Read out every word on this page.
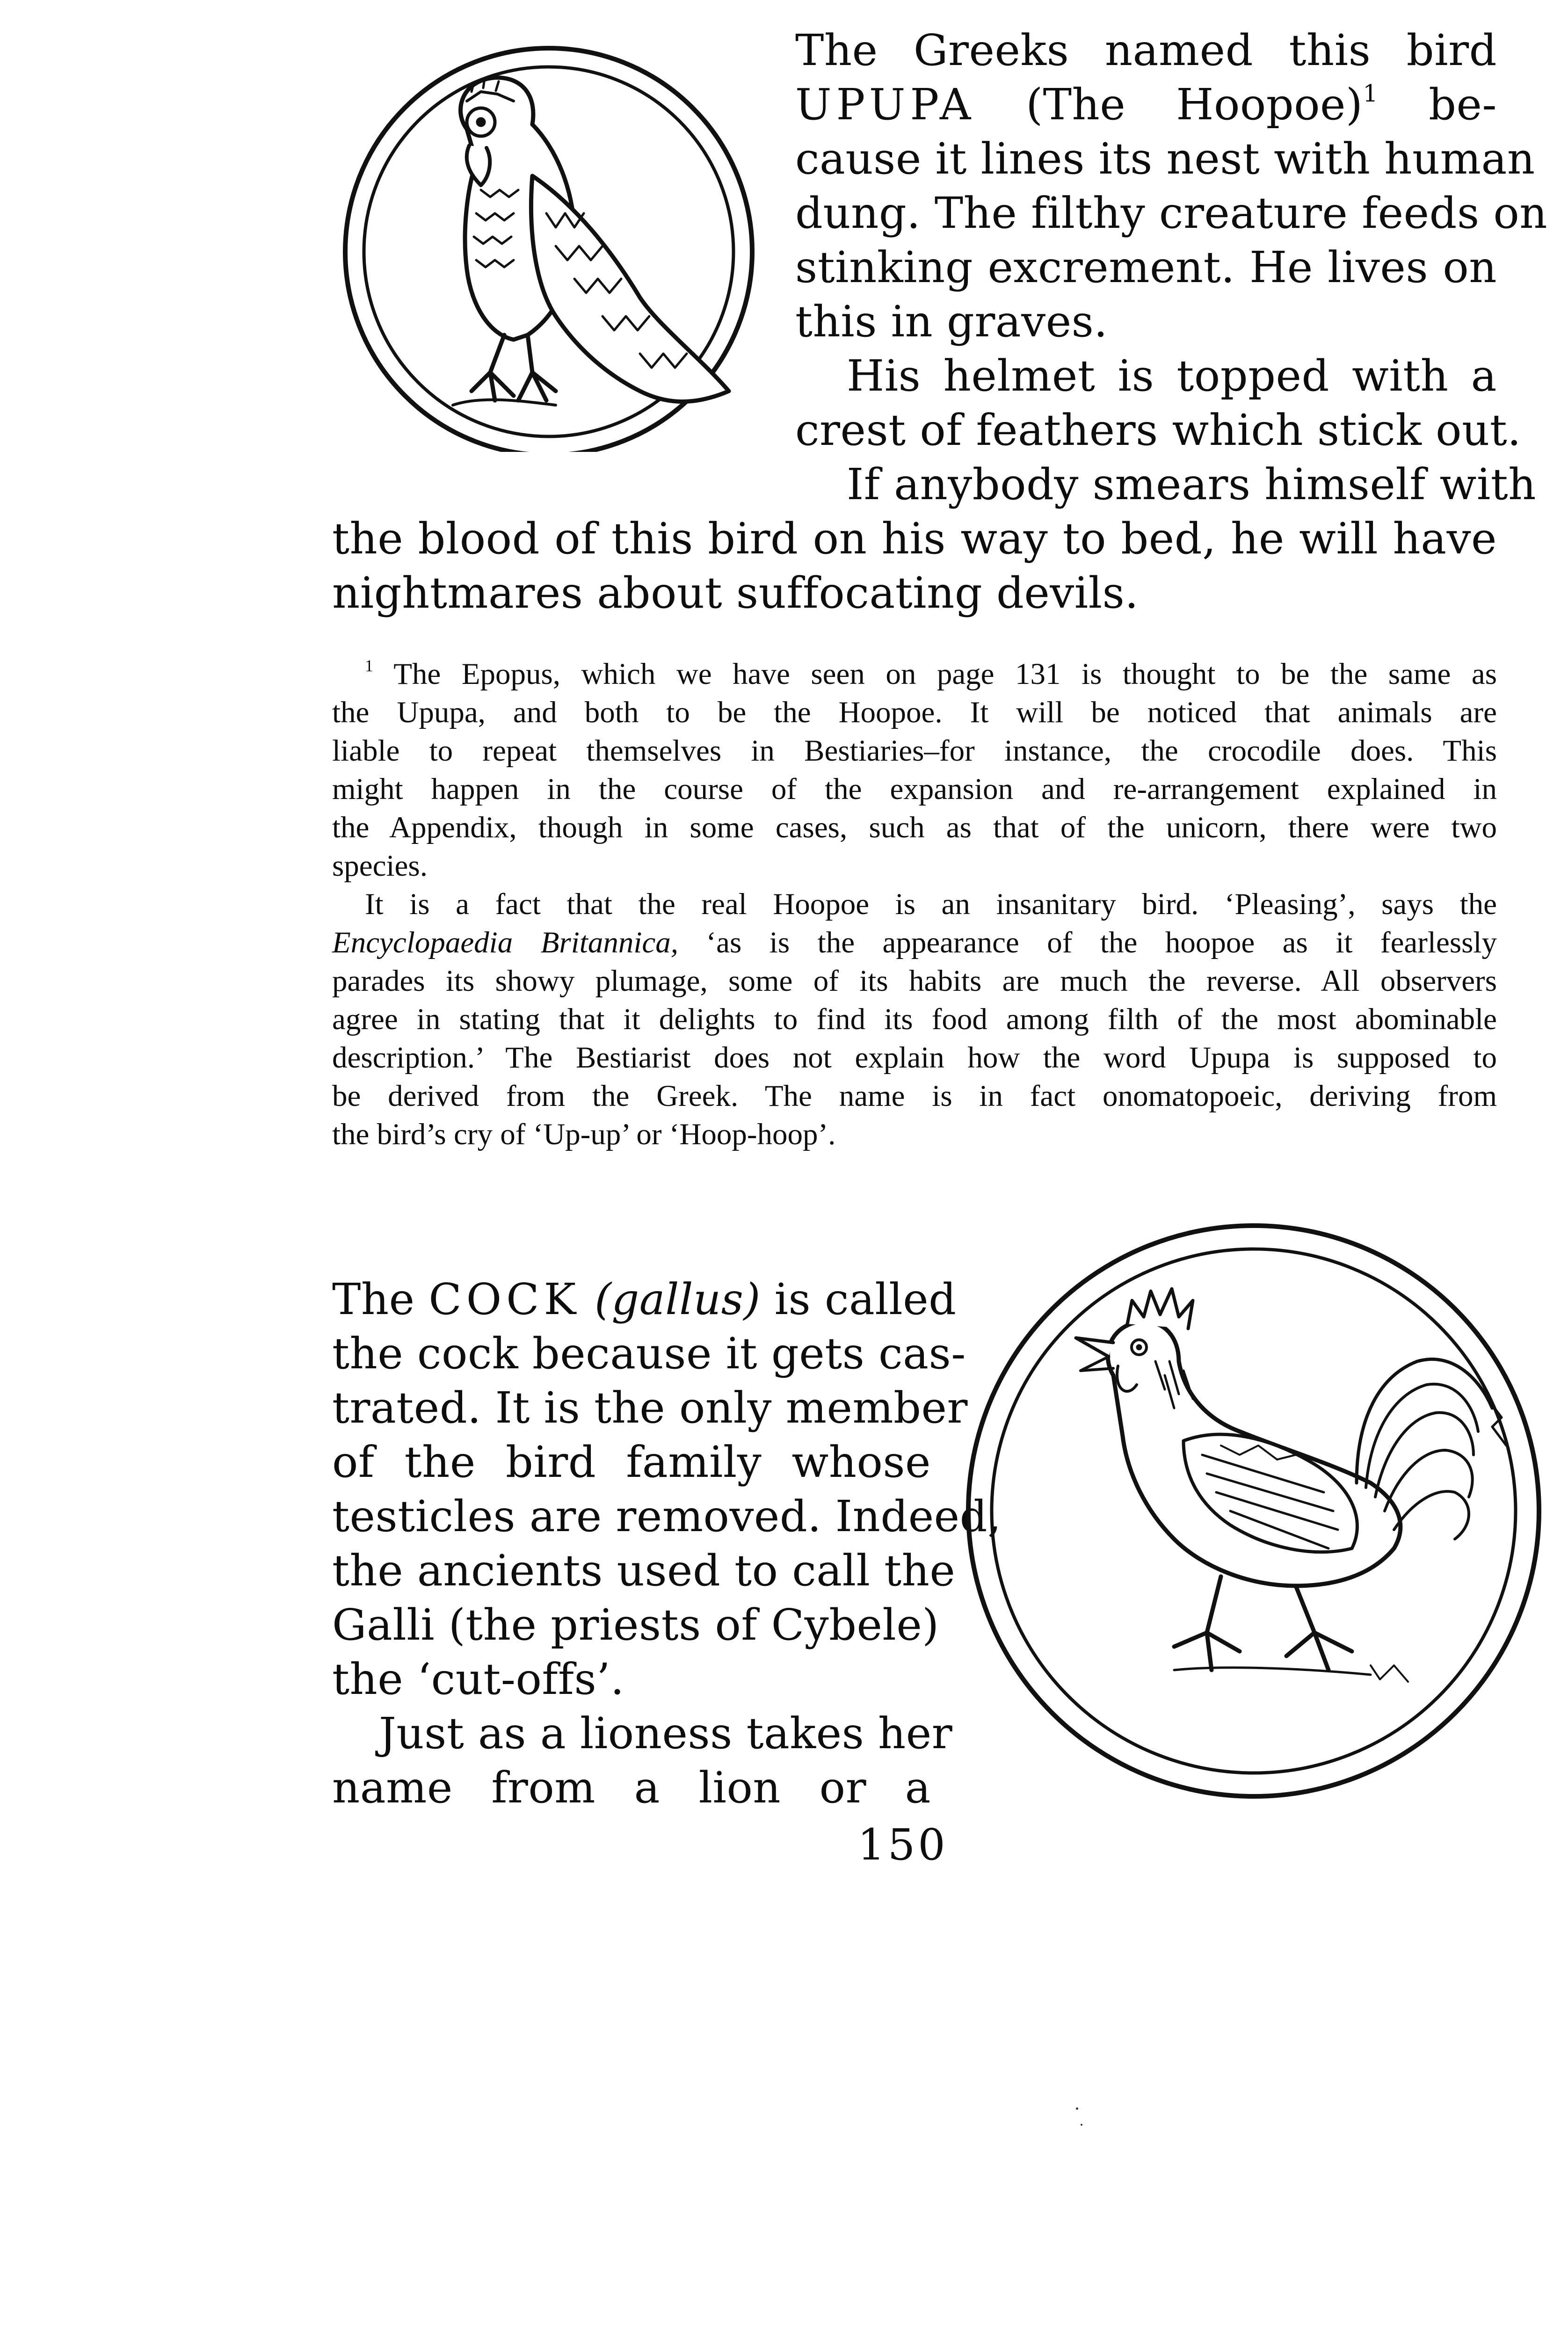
The Greeks named this bird
UPUPA (The Hoopoe)$^1$ be-
cause it lines its nest with human
dung. The filthy creature feeds on
stinking excrement. He lives on
this in graves.
His helmet is topped with a
crest of feathers which stick out.
If anybody smears himself with
the blood of this bird on his way to bed, he will have
nightmares about suffocating devils.
$^1$ The Epopus, which we have seen on page 131 is thought to be the same as
the Upupa, and both to be the Hoopoe. It will be noticed that animals are
liable to repeat themselves in Bestiaries–for instance, the crocodile does. This
might happen in the course of the expansion and re-arrangement explained in
the Appendix, though in some cases, such as that of the unicorn, there were two
species.
It is a fact that the real Hoopoe is an insanitary bird. ‘Pleasing’, says the
Encyclopaedia Britannica, ‘as is the appearance of the hoopoe as it fearlessly
parades its showy plumage, some of its habits are much the reverse. All observers
agree in stating that it delights to find its food among filth of the most abominable
description.’ The Bestiarist does not explain how the word Upupa is supposed to
be derived from the Greek. The name is in fact onomatopoeic, deriving from
the bird’s cry of ‘Up-up’ or ‘Hoop-hoop’.
The COCK (gallus) is called
the cock because it gets cas-
trated. It is the only member
of the bird family whose
testicles are removed. Indeed,
the ancients used to call the
Galli (the priests of Cybele)
the ‘cut-offs’.
Just as a lioness takes her
name from a lion or a
150
